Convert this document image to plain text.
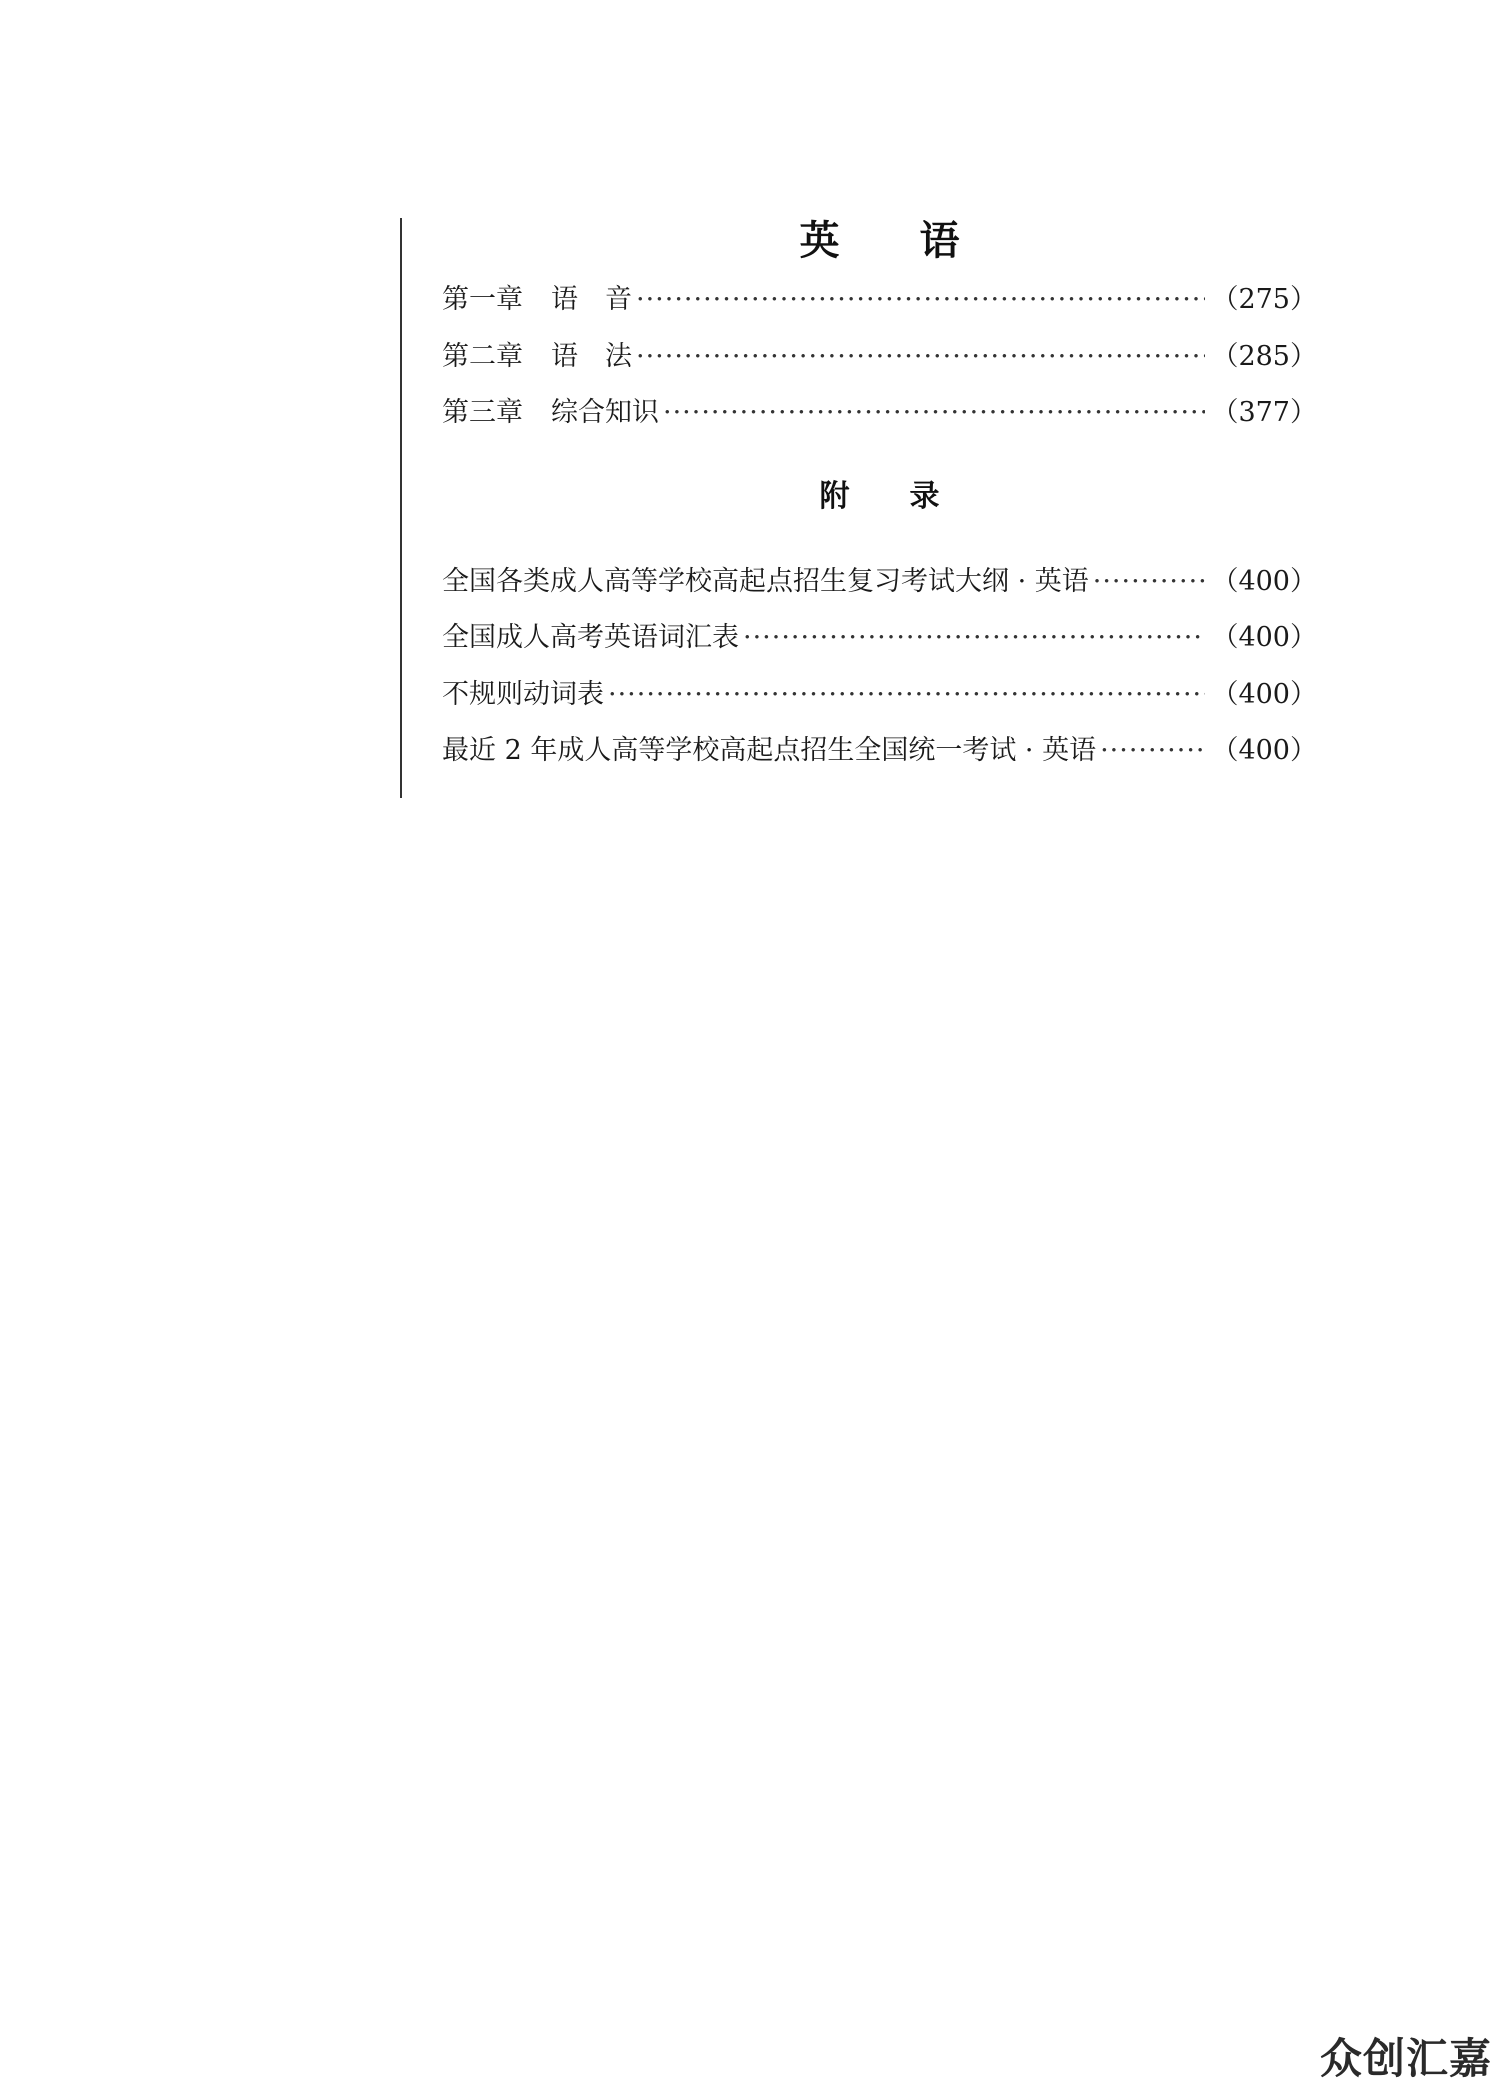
英　　语
第一章 语　音 ·····	（275）
第二章 语　法 ·····	（285）
第三章 综合知识 ·····	（377）
附　　录
全国各类成人高等学校高起点招生复习考试大纲 · 英语 ·····	（400）
全国成人高考英语词汇表 ·····	（400）
不规则动词表 ·····	（400）
最近 2 年成人高等学校高起点招生全国统一考试 · 英语 ·····	（400）
众创汇嘉
